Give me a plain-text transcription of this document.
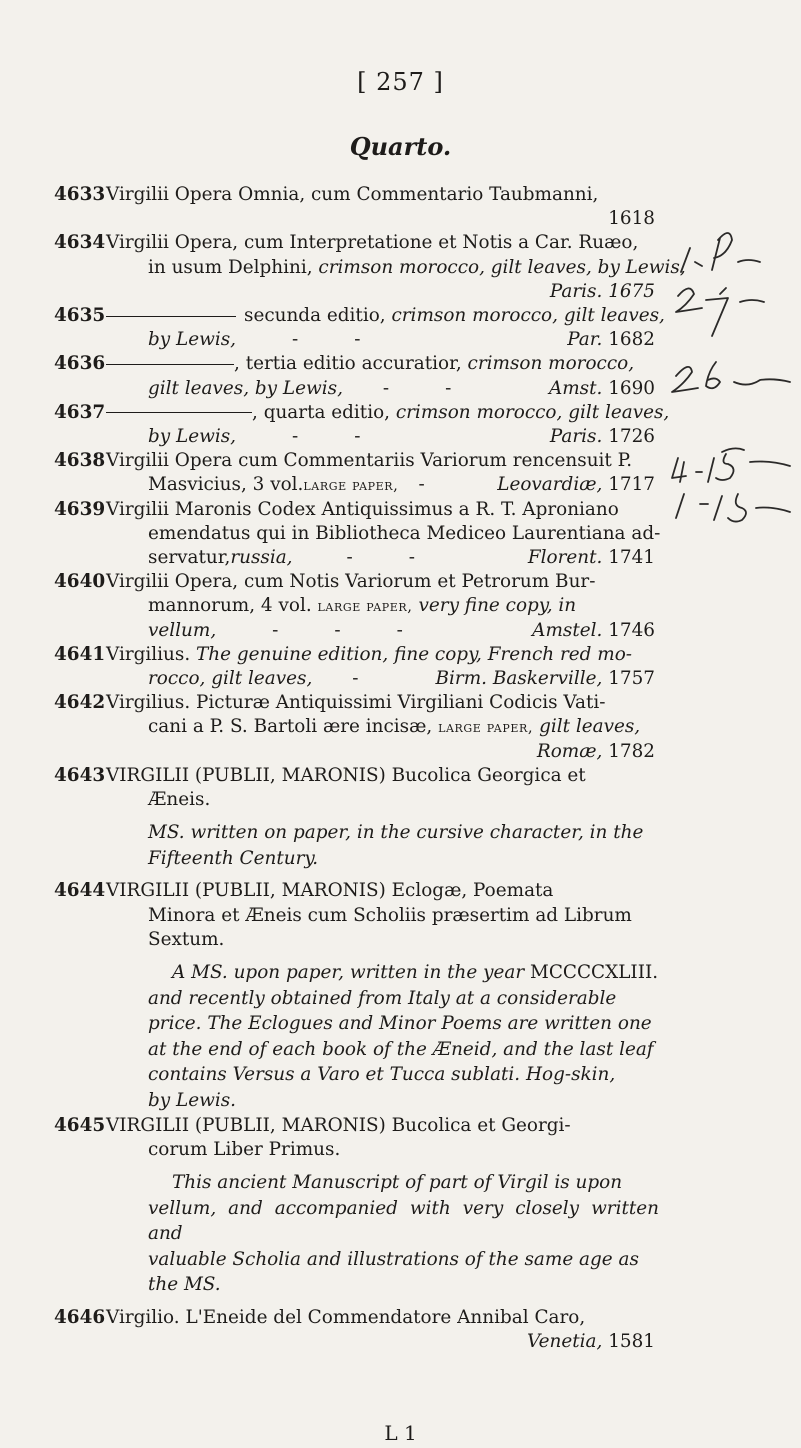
[ 257 ]
Quarto.
4633 Virgilii Opera Omnia, cum Commentario Taubmanni,
1618
4634 Virgilii Opera, cum Interpretatione et Notis a Car. Ruæo,
in usum Delphini, crimson morocco, gilt leaves, by Lewis,
Paris. 1675
4635	secunda editio, crimson morocco, gilt leaves,
by Lewis,	-	-	Par. 1682
4636	, tertia editio accuratior, crimson morocco,
gilt leaves, by Lewis, -	-	Amst. 1690
4637	, quarta editio, crimson morocco, gilt leaves,
by Lewis,	-	-	Paris. 1726
4638 Virgilii Opera cum Commentariis Variorum rencensuit P.
Masvicius, 3 vol. large paper, -	Leovardiæ, 1717
4639 Virgilii Maronis Codex Antiquissimus a R. T. Aproniano
emendatus qui in Bibliotheca Mediceo Laurentiana ad-
servatur, russia,	-	-	Florent. 1741
4640 Virgilii Opera, cum Notis Variorum et Petrorum Bur-
mannorum, 4 vol. large paper, very fine copy, in
vellum,	-	-	-	Amstel. 1746
4641 Virgilius. The genuine edition, fine copy, French red mo-
rocco, gilt leaves, -	Birm. Baskerville, 1757
4642 Virgilius. Picturæ Antiquissimi Virgiliani Codicis Vati-
cani a P. S. Bartoli ære incisæ, large paper, gilt leaves,
Romæ, 1782
4643 VIRGILII (PUBLII, MARONIS) Bucolica Georgica et
Æneis.
MS. written on paper, in the cursive character, in the
Fifteenth Century.
4644 VIRGILII (PUBLII, MARONIS) Eclogæ, Poemata
Minora et Æneis cum Scholiis præsertim ad Librum
Sextum.
A MS. upon paper, written in the year MCCCCXLIII.
and recently obtained from Italy at a considerable
price. The Eclogues and Minor Poems are written one
at the end of each book of the Æneid, and the last leaf
contains Versus a Varo et Tucca sublati. Hog-skin,
by Lewis.
4645 VIRGILII (PUBLII, MARONIS) Bucolica et Georgi-
corum Liber Primus.
This ancient Manuscript of part of Virgil is upon
vellum, and accompanied with very closely written and
valuable Scholia and illustrations of the same age as
the MS.
4646 Virgilio. L'Eneide del Commendatore Annibal Caro,
Venetia, 1581
L 1
